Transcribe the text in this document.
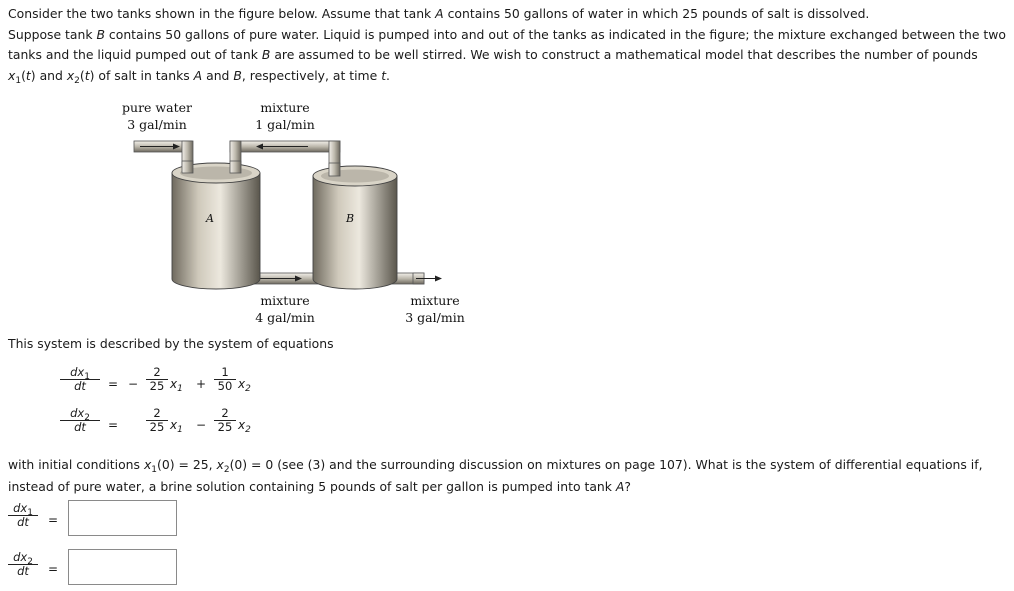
Consider the two tanks shown in the figure below. Assume that tank A contains 50 gallons of water in which 25 pounds of salt is dissolved.
Suppose tank B contains 50 gallons of pure water. Liquid is pumped into and out of the tanks as indicated in the figure; the mixture exchanged between the two tanks and the liquid pumped out of tank B are assumed to be well stirred. We wish to construct a mathematical model that describes the number of pounds $x_1(t)$ and $x_2(t)$ of salt in tanks A and B, respectively, at time t.

pure water
3 gal/min
mixture
1 gal/min
A	B
mixture
4 gal/min
mixture
3 gal/min

This system is described by the system of equations

$\frac{dx_1}{dt}$ = − $\frac{2}{25} x_1 + \frac{1}{50} x_2$
$\frac{dx_2}{dt} = \frac{2}{25} x_1 - \frac{2}{25} x_2$

with initial conditions $x_1(0) = 25$, $x_2(0) = 0$ (see (3) and the surrounding discussion on mixtures on page 107). What is the system of differential equations if, instead of pure water, a brine solution containing 5 pounds of salt per gallon is pumped into tank A?

$\frac{dx_1}{dt}$ =
$\frac{dx_2}{dt}$ =
